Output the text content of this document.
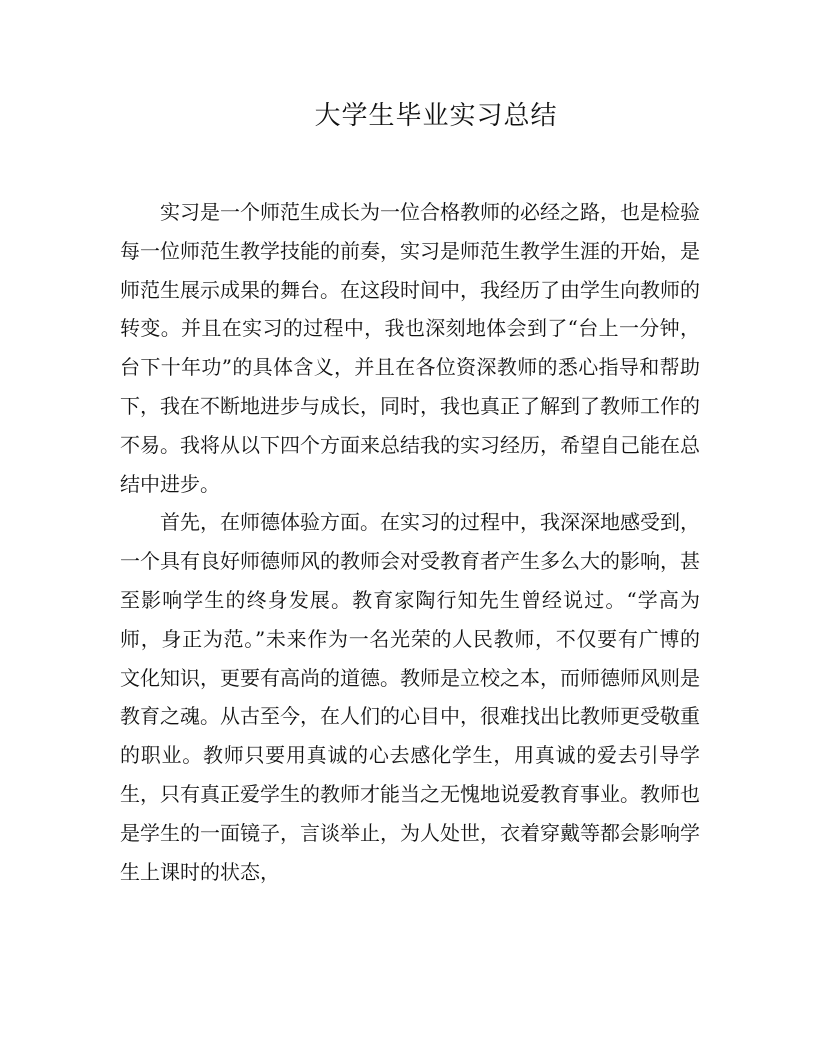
大学生毕业实习总结

实习是一个师范生成长为一位合格教师的必经之路，也是检验每一位师范生教学技能的前奏，实习是师范生教学生涯的开始，是师范生展示成果的舞台。在这段时间中，我经历了由学生向教师的转变。并且在实习的过程中，我也深刻地体会到了“台上一分钟，台下十年功”的具体含义，并且在各位资深教师的悉心指导和帮助下，我在不断地进步与成长，同时，我也真正了解到了教师工作的不易。我将从以下四个方面来总结我的实习经历，希望自己能在总结中进步。

首先，在师德体验方面。在实习的过程中，我深深地感受到，一个具有良好师德师风的教师会对受教育者产生多么大的影响，甚至影响学生的终身发展。教育家陶行知先生曾经说过。“学高为师，身正为范。”未来作为一名光荣的人民教师，不仅要有广博的文化知识，更要有高尚的道德。教师是立校之本，而师德师风则是教育之魂。从古至今，在人们的心目中，很难找出比教师更受敬重的职业。教师只要用真诚的心去感化学生，用真诚的爱去引导学生，只有真正爱学生的教师才能当之无愧地说爱教育事业。教师也是学生的一面镜子，言谈举止，为人处世，衣着穿戴等都会影响学生上课时的状态，
